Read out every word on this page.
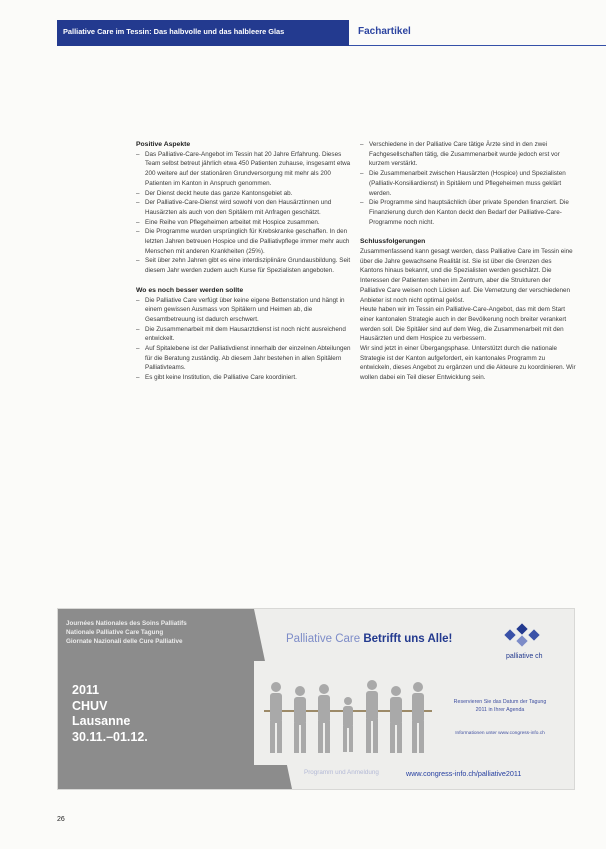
Palliative Care im Tessin: Das halbvolle und das halbleere Glas	Fachartikel

Positive Aspekte

– Das Palliative-Care-Angebot im Tessin hat 20 Jahre Erfahrung. Dieses Team selbst betreut jährlich etwa 450 Patienten zuhause, insgesamt etwa 200 weitere auf der stationären Grundversorgung mit mehr als 200 Patienten im Kanton in Anspruch genommen.
– Der Dienst deckt heute das ganze Kantonsgebiet ab.
– Der Palliative-Care-Dienst wird sowohl von den Hausärztinnen und Hausärzten als auch von den Spitälern mit Anfragen geschätzt.
– Eine Reihe von Pflegeheimen arbeitet mit Hospice zusammen.
– Die Programme wurden ursprünglich für Krebskranke geschaffen. In den letzten Jahren betreuen Hospice und die Palliativpflege immer mehr auch Menschen mit anderen Krankheiten (25%).
– Seit über zehn Jahren gibt es eine interdisziplinäre Grundausbildung. Seit diesem Jahr werden zudem auch Kurse für Spezialisten angeboten.

Wo es noch besser werden sollte

– Die Palliative Care verfügt über keine eigene Bettenstation und hängt in einem gewissen Ausmass von Spitälern und Heimen ab, die Gesamtbetreuung ist dadurch erschwert.
– Die Zusammenarbeit mit dem Hausarztdienst ist noch nicht ausreichend entwickelt.
– Auf Spitalebene ist der Palliativdienst innerhalb der einzelnen Abteilungen für die Beratung zuständig. Ab diesem Jahr bestehen in allen Spitälern Palliativteams.
– Es gibt keine Institution, die Palliative Care koordiniert.
– Verschiedene in der Palliative Care tätige Ärzte sind in den zwei Fachgesellschaften tätig, die Zusammenarbeit wurde jedoch erst vor kurzem verstärkt.
– Die Zusammenarbeit zwischen Hausärzten (Hospice) und Spezialisten (Palliativ-Konsiliardienst) in Spitälern und Pflegeheimen muss geklärt werden.
– Die Programme sind hauptsächlich über private Spenden finanziert. Die Finanzierung durch den Kanton deckt den Bedarf der Palliative-Care-Programme noch nicht.

Schlussfolgerungen

Zusammenfassend kann gesagt werden, dass Palliative Care im Tessin eine über die Jahre gewachsene Realität ist. Sie ist über die Grenzen des Kantons hinaus bekannt, und die Spezialisten werden geschätzt. Die Interessen der Patienten stehen im Zentrum, aber die Strukturen der Palliative Care weisen noch Lücken auf. Die Vernetzung der verschiedenen Anbieter ist noch nicht optimal gelöst.

Heute haben wir im Tessin ein Palliative-Care-Angebot, das mit dem Start einer kantonalen Strategie auch in der Bevölkerung noch breiter verankert werden soll. Die Spitäler sind auf dem Weg, die Zusammenarbeit mit den Hausärzten und dem Hospice zu verbessern.

Wir sind jetzt in einer Übergangsphase. Unterstützt durch die nationale Strategie ist der Kanton aufgefordert, ein kantonales Programm zu entwickeln, dieses Angebot zu ergänzen und die Akteure zu koordinieren. Wir wollen dabei ein Teil dieser Entwicklung sein.

Journées Nationales des Soins Palliatifs
Nationale Palliative Care Tagung
Giornate Nazionali delle Cure Palliative
2011
CHUV
Lausanne
30.11.–01.12.
Palliative Care Betrifft uns Alle!
palliative ch
Reservieren Sie das Datum der Tagung 2011 in Ihrer Agenda
Informationen unter www.congress-info.ch
Programm und Anmeldung	www.congress-info.ch/palliative2011
26
